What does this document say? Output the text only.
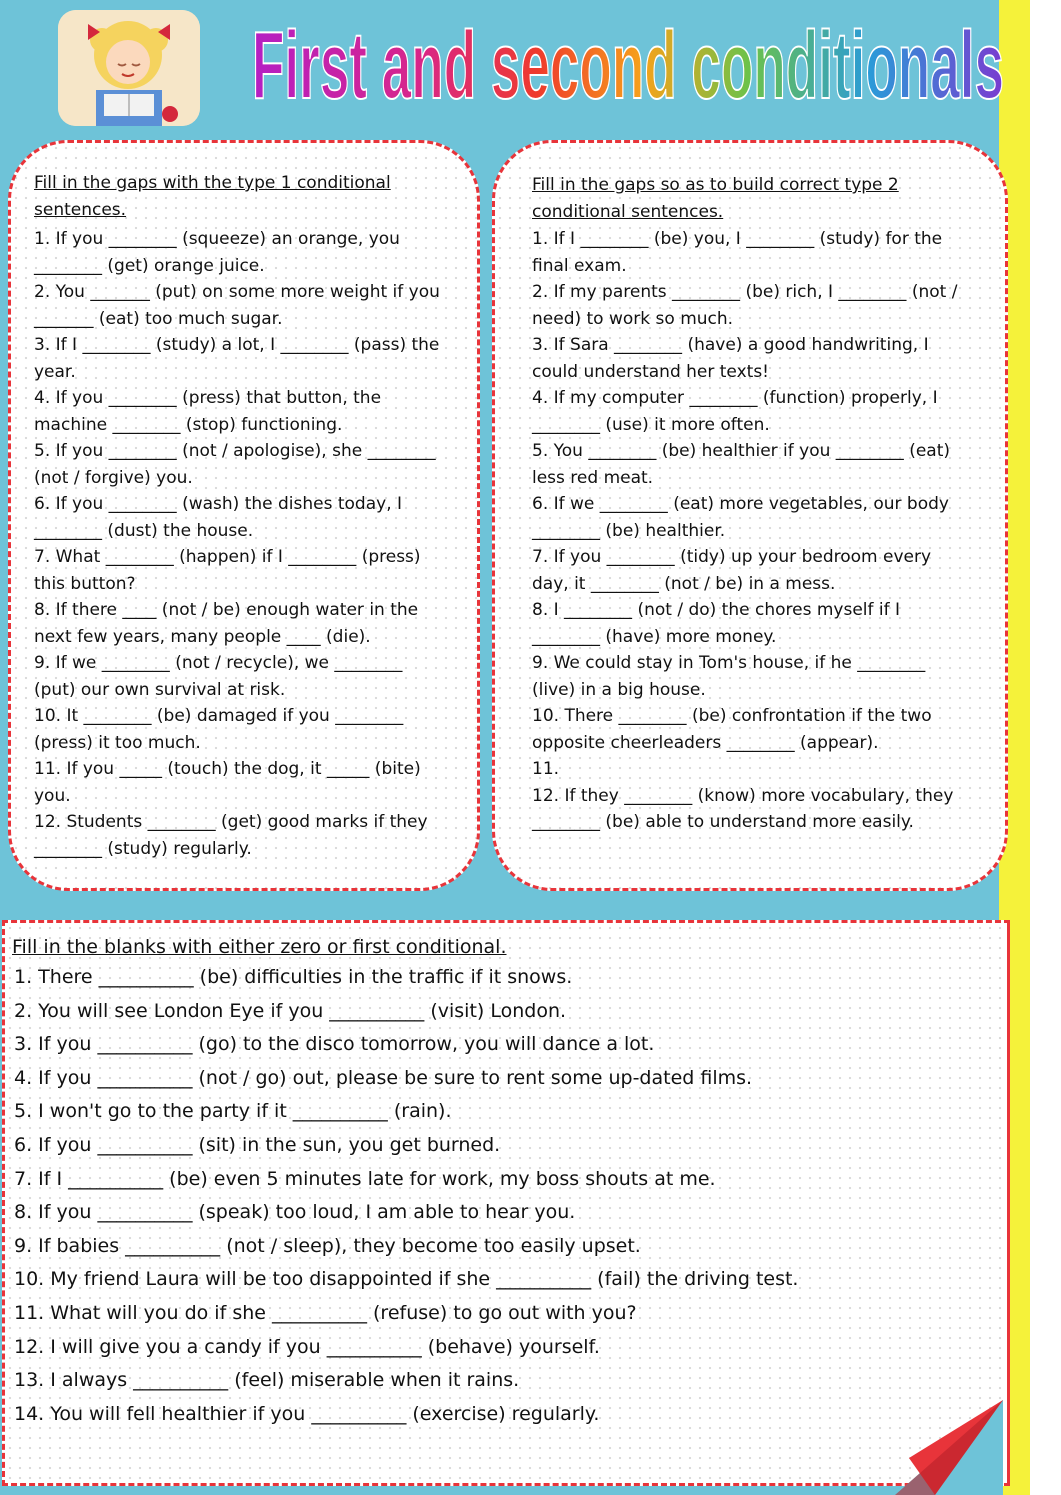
First and second conditionals
Fill in the gaps with the type 1 conditional sentences.
1. If you ________ (squeeze) an orange, you ________ (get) orange juice.
2. You _______ (put) on some more weight if you _______ (eat) too much sugar.
3. If I ________ (study) a lot, I ________ (pass) the year.
4. If you ________ (press) that button, the machine ________ (stop) functioning.
5. If you ________ (not / apologise), she ________ (not / forgive) you.
6. If you ________ (wash) the dishes today, I ________ (dust) the house.
7. What ________ (happen) if I ________ (press) this button?
8. If there ____ (not / be) enough water in the next few years, many people ____ (die).
9. If we ________ (not / recycle), we ________ (put) our own survival at risk.
10. It ________ (be) damaged if you ________ (press) it too much.
11. If you _____ (touch) the dog, it _____ (bite) you.
12. Students ________ (get) good marks if they ________ (study) regularly.
Fill in the gaps so as to build correct type 2 conditional sentences.
1. If I ________ (be) you, I ________ (study) for the final exam.
2. If my parents ________ (be) rich, I ________ (not / need) to work so much.
3. If Sara ________ (have) a good handwriting, I could understand her texts!
4. If my computer ________ (function) properly, I ________ (use) it more often.
5. You ________ (be) healthier if you ________ (eat) less red meat.
6. If we ________ (eat) more vegetables, our body ________ (be) healthier.
7. If you ________ (tidy) up your bedroom every day, it ________ (not / be) in a mess.
8. I ________ (not / do) the chores myself if I ________ (have) more money.
9. We could stay in Tom's house, if he ________ (live) in a big house.
10. There ________ (be) confrontation if the two opposite cheerleaders ________ (appear).
11.
12. If they ________ (know) more vocabulary, they ________ (be) able to understand more easily.
Fill in the blanks with either zero or first conditional.
1. There __________ (be) difficulties in the traffic if it snows.
2. You will see London Eye if you __________ (visit) London.
3. If you __________ (go) to the disco tomorrow, you will dance a lot.
4. If you __________ (not / go) out, please be sure to rent some up-dated films.
5. I won't go to the party if it __________ (rain).
6. If you __________ (sit) in the sun, you get burned.
7. If I __________ (be) even 5 minutes late for work, my boss shouts at me.
8. If you __________ (speak) too loud, I am able to hear you.
9. If babies __________ (not / sleep), they become too easily upset.
10. My friend Laura will be too disappointed if she __________ (fail) the driving test.
11. What will you do if she __________ (refuse) to go out with you?
12. I will give you a candy if you __________ (behave) yourself.
13. I always __________ (feel) miserable when it rains.
14. You will fell healthier if you __________ (exercise) regularly.
